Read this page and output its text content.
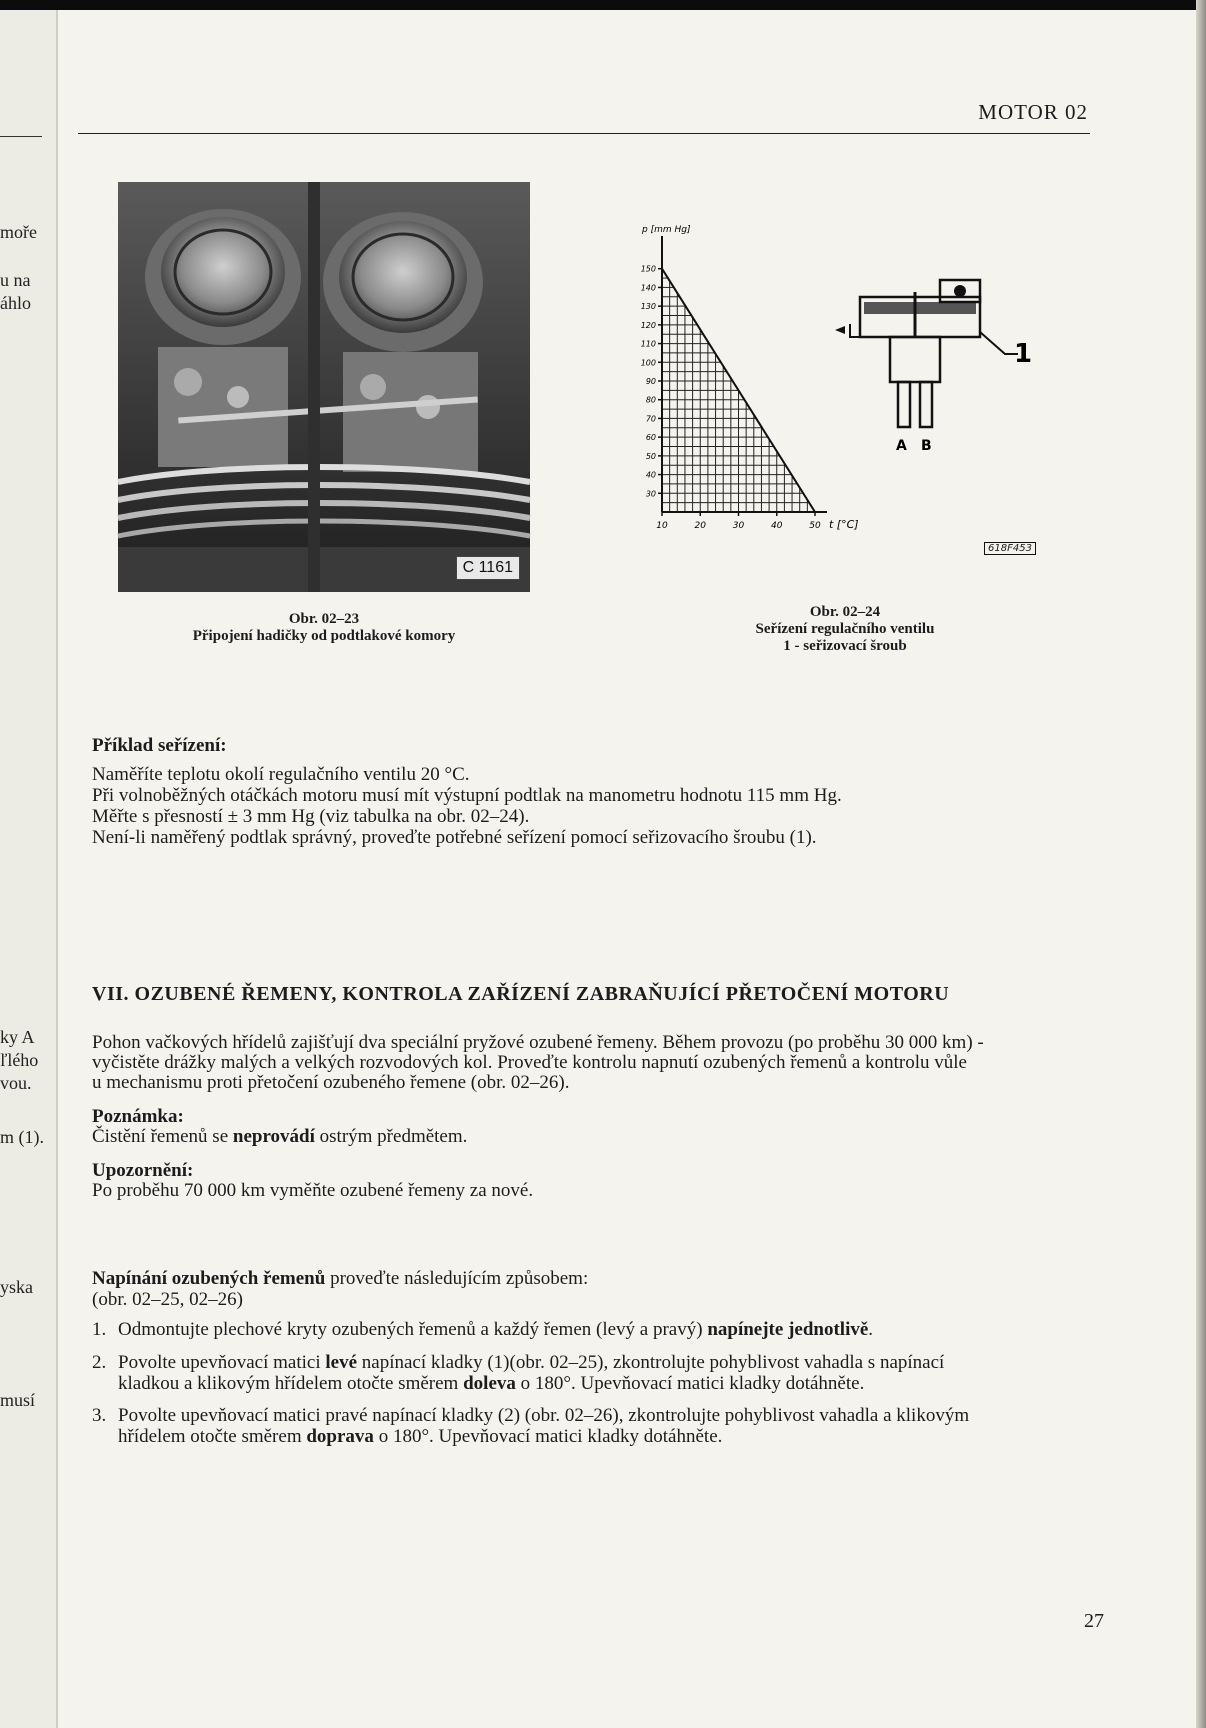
moře
u na
áhlo
ky A
ľlého
vou.
m (1).
yska
musí
MOTOR 02
C 1161
Obr. 02–23
Připojení hadičky od podtlakové komory
150
140
130
120
110
100
90
80
70
60
50
40
30
10	20	30	40	50
p [mm Hg]
t [°C]
1
A B
618F453
Obr. 02–24
Seřízení regulačního ventilu
1 - seřizovací šroub
Příklad seřízení:
Naměříte teplotu okolí regulačního ventilu 20 °C.
Při volnoběžných otáčkách motoru musí mít výstupní podtlak na manometru hodnotu 115 mm Hg.
Měřte s přesností ± 3 mm Hg (viz tabulka na obr. 02–24).
Není-li naměřený podtlak správný, proveďte potřebné seřízení pomocí seřizovacího šroubu (1).
VII. OZUBENÉ ŘEMENY, KONTROLA ZAŘÍZENÍ ZABRAŇUJÍCÍ PŘETOČENÍ MOTORU
Pohon vačkových hřídelů zajišťují dva speciální pryžové ozubené řemeny. Během provozu (po proběhu 30 000 km) -
vyčistěte drážky malých a velkých rozvodových kol. Proveďte kontrolu napnutí ozubených řemenů a kontrolu vůle
u mechanismu proti přetočení ozubeného řemene (obr. 02–26).
Poznámka:
Čistění řemenů se neprovádí ostrým předmětem.
Upozornění:
Po proběhu 70 000 km vyměňte ozubené řemeny za nové.
Napínání ozubených řemenů proveďte následujícím způsobem:
(obr. 02–25, 02–26)
1. Odmontujte plechové kryty ozubených řemenů a každý řemen (levý a pravý) napínejte jednotlivě.
2. Povolte upevňovací matici levé napínací kladky (1)(obr. 02–25), zkontrolujte pohyblivost vahadla s napínací
kladkou a klikovým hřídelem otočte směrem doleva o 180°. Upevňovací matici kladky dotáhněte.
3. Povolte upevňovací matici pravé napínací kladky (2) (obr. 02–26), zkontrolujte pohyblivost vahadla a klikovým
hřídelem otočte směrem doprava o 180°. Upevňovací matici kladky dotáhněte.
27
